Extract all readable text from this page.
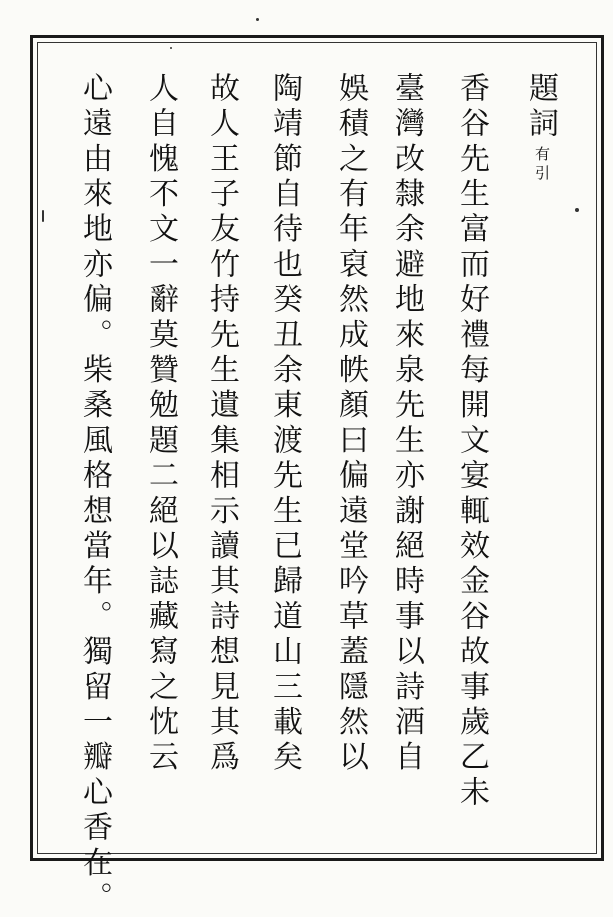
題詞
有引
香谷先生富而好禮每開文宴輒效金谷故事歲乙未
臺灣改隸余避地來泉先生亦謝絕時事以詩酒自
娛積之有年裒然成帙顏曰偏遠堂吟草蓋隱然以
陶靖節自待也癸丑余東渡先生已歸道山三載矣
故人王子友竹持先生遺集相示讀其詩想見其爲
人自愧不文一辭莫贊勉題二絕以誌藏寫之忱云
心遠由來地亦偏。柴桑風格想當年。獨留一瓣心香在。
